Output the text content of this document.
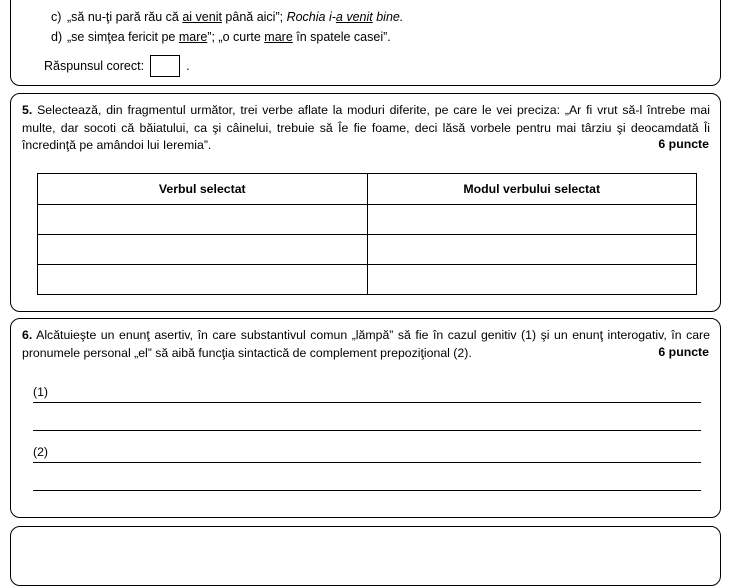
c) „să nu-ţi pară rău că ai venit până aici”; Rochia i-a venit bine.
d) „se simţea fericit pe mare”; „o curte mare în spatele casei”.
Răspunsul corect:	.
5. Selectează, din fragmentul următor, trei verbe aflate la moduri diferite, pe care le vei preciza: „Ar fi vrut să-l întrebe mai multe, dar socoti că băiatului, ca şi câinelui, trebuie să Îe fie foame, deci lăsă vorbele pentru mai târziu şi deocamdată Îi încredinţă pe amândoi lui Ieremia”.	6 puncte
Verbul selectat	Modul verbului selectat

6. Alcătuieşte un enunţ asertiv, în care substantivul comun „lămpă” să fie în cazul genitiv (1) şi un enunţ interogativ, în care pronumele personal „el” să aibă funcţia sintactică de complement prepoziţional (2).	6 puncte
(1)
(2)
